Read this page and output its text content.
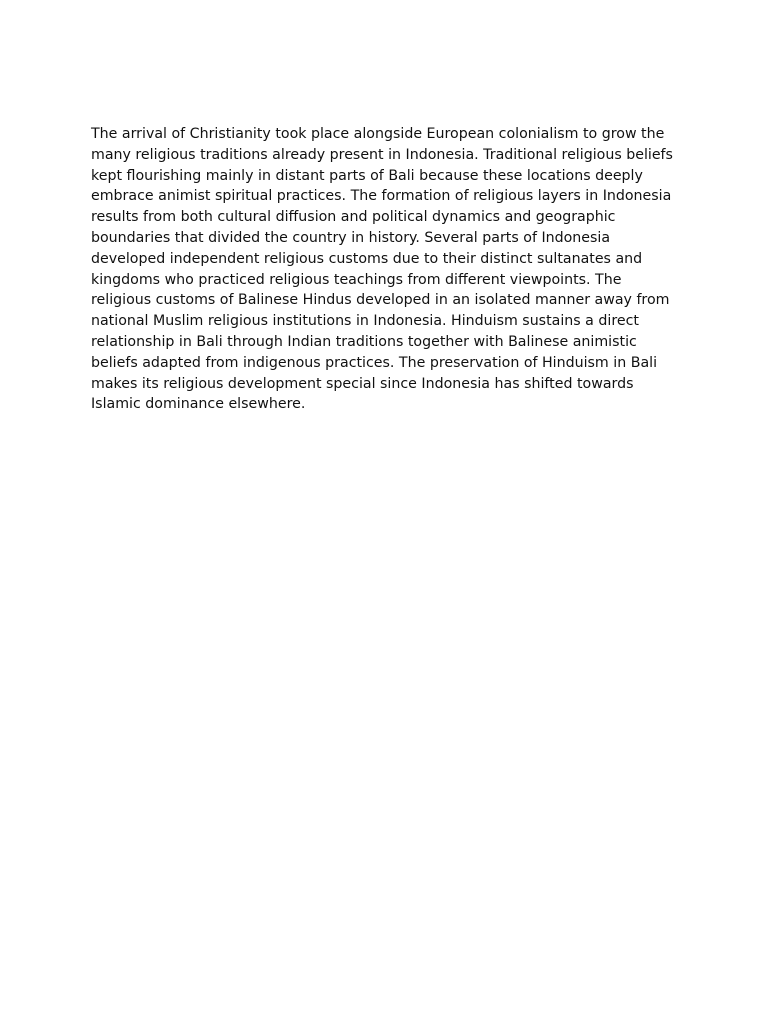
The arrival of Christianity took place alongside European colonialism to grow the many religious traditions already present in Indonesia. Traditional religious beliefs kept flourishing mainly in distant parts of Bali because these locations deeply embrace animist spiritual practices. The formation of religious layers in Indonesia results from both cultural diffusion and political dynamics and geographic boundaries that divided the country in history. Several parts of Indonesia developed independent religious customs due to their distinct sultanates and kingdoms who practiced religious teachings from different viewpoints. The religious customs of Balinese Hindus developed in an isolated manner away from national Muslim religious institutions in Indonesia. Hinduism sustains a direct relationship in Bali through Indian traditions together with Balinese animistic beliefs adapted from indigenous practices. The preservation of Hinduism in Bali makes its religious development special since Indonesia has shifted towards Islamic dominance elsewhere.
